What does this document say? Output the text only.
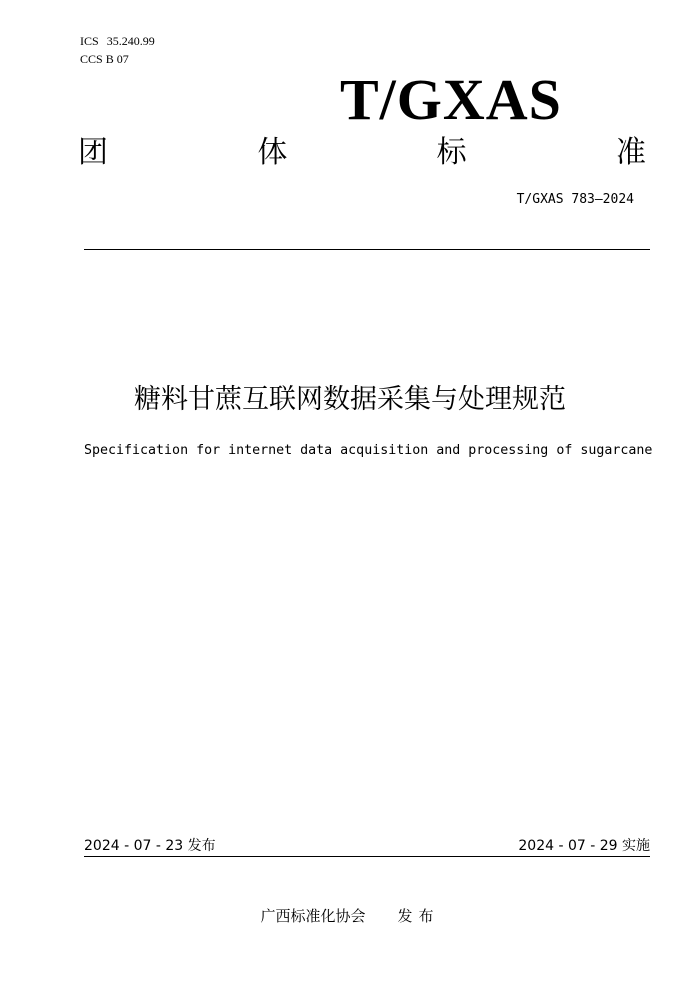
ICS 35.240.99
CCS B 07
T/GXAS
团	体	标	准
T/GXAS 783—2024
糖料甘蔗互联网数据采集与处理规范
Specification for internet data acquisition and processing of sugarcane
2024 - 07 - 23 发布	2024 - 07 - 29 实施
广西标准化协会 发布
